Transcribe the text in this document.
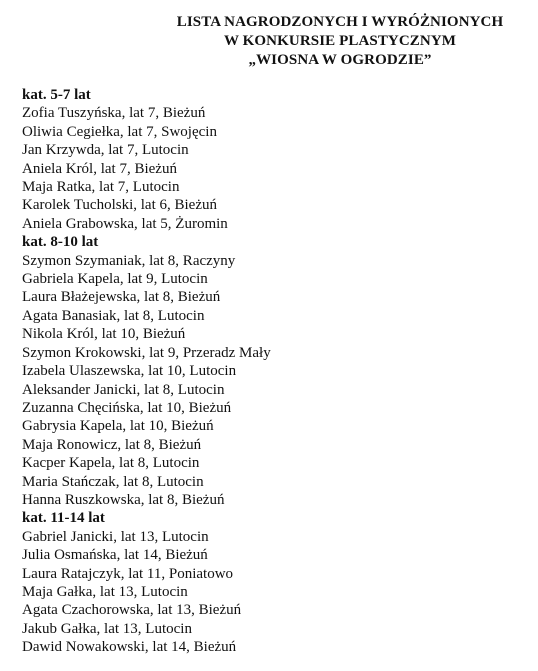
LISTA NAGRODZONYCH I WYRÓŻNIONYCH
W KONKURSIE PLASTYCZNYM
„WIOSNA W OGRODZIE”
kat. 5-7 lat
Zofia Tuszyńska, lat 7, Bieżuń
Oliwia Cegiełka, lat 7, Swojęcin
Jan Krzywda, lat 7, Lutocin
Aniela Król, lat 7, Bieżuń
Maja Ratka, lat 7, Lutocin
Karolek Tucholski, lat 6, Bieżuń
Aniela Grabowska, lat 5, Żuromin
kat. 8-10 lat
Szymon Szymaniak, lat 8, Raczyny
Gabriela Kapela, lat 9, Lutocin
Laura Błażejewska, lat 8, Bieżuń
Agata Banasiak, lat 8, Lutocin
Nikola Król, lat 10, Bieżuń
Szymon Krokowski, lat 9, Przeradz Mały
Izabela Ulaszewska, lat 10, Lutocin
Aleksander Janicki, lat 8, Lutocin
Zuzanna Chęcińska, lat 10, Bieżuń
Gabrysia Kapela, lat 10, Bieżuń
Maja Ronowicz, lat 8, Bieżuń
Kacper Kapela, lat 8, Lutocin
Maria Stańczak, lat 8, Lutocin
Hanna Ruszkowska, lat 8, Bieżuń
kat. 11-14 lat
Gabriel Janicki, lat 13, Lutocin
Julia Osmańska, lat 14, Bieżuń
Laura Ratajczyk, lat 11, Poniatowo
Maja Gałka, lat 13, Lutocin
Agata Czachorowska, lat 13, Bieżuń
Jakub Gałka, lat 13, Lutocin
Dawid Nowakowski, lat 14, Bieżuń
